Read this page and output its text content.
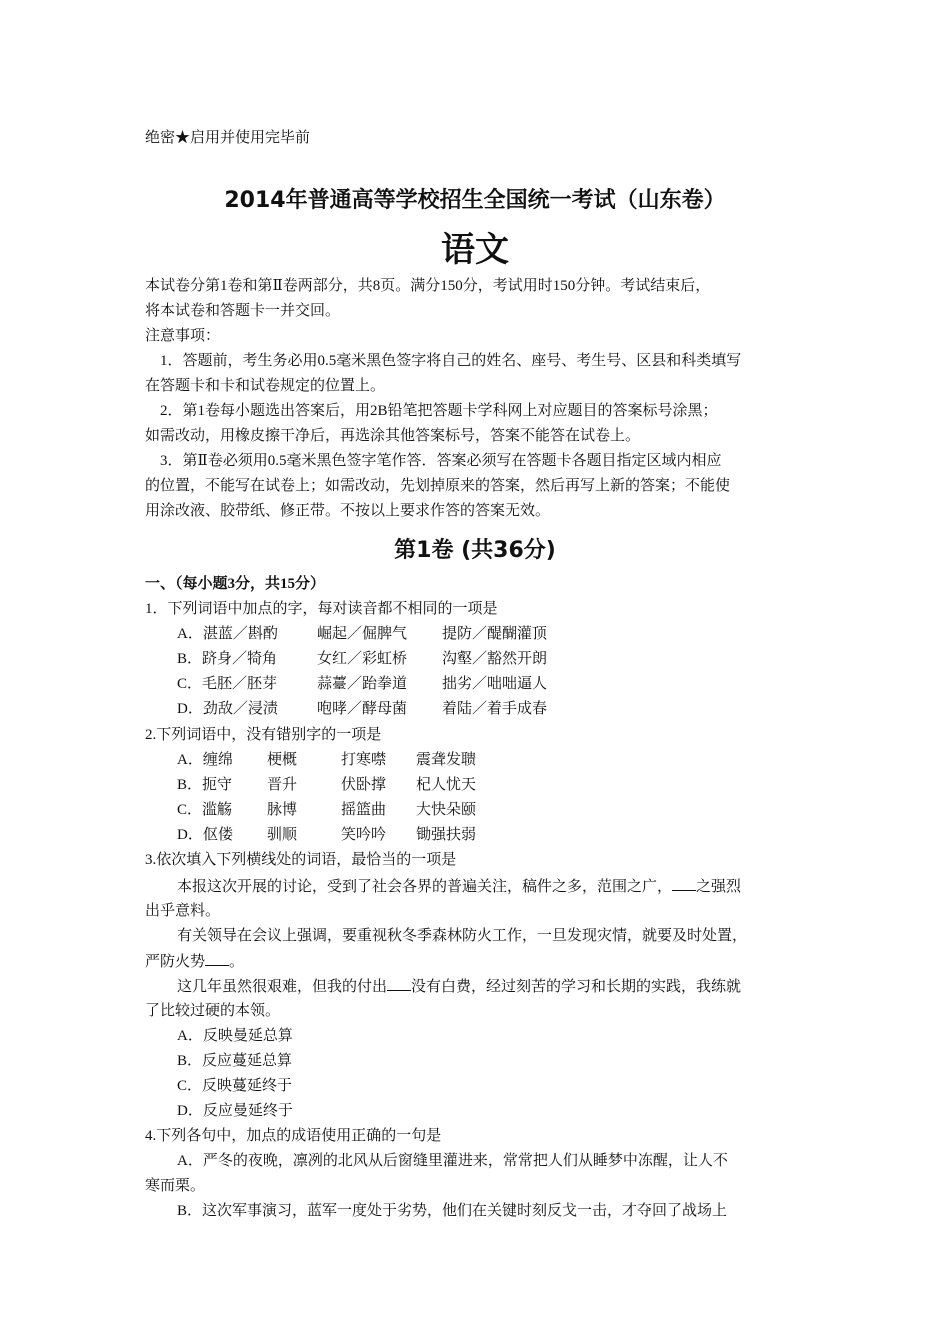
绝密★启用并使用完毕前
2014年普通高等学校招生全国统一考试（山东卷）
语文
本试卷分第1卷和第Ⅱ卷两部分，共8页。满分150分，考试用时150分钟。考试结束后，
将本试卷和答题卡一并交回。
注意事项：
1．答题前，考生务必用0.5毫米黑色签字将自己的姓名、座号、考生号、区县和科类填写
在答题卡和卡和试卷规定的位置上。
2．第1卷每小题选出答案后，用2B铅笔把答题卡学科网上对应题目的答案标号涂黑；
如需改动，用橡皮擦干净后，再选涂其他答案标号，答案不能答在试卷上。
3．第Ⅱ卷必须用0.5毫米黑色签字笔作答．答案必须写在答题卡各题目指定区域内相应
的位置，不能写在试卷上；如需改动，先划掉原来的答案，然后再写上新的答案；不能使
用涂改液、胶带纸、修正带。不按以上要求作答的答案无效。
第1卷 (共36分)
一、（每小题3分，共15分）
1．下列词语中加点的字，每对读音都不相同的一项是
A．湛蓝／斟酌	崛起／倔脾气 提防／醍醐灌顶
B．跻身／犄角	女红／彩虹桥 沟壑／豁然开朗
C．毛胚／胚芽	蒜薹／跆拳道 拙劣／咄咄逼人
D．劲敌／浸渍	咆哮／酵母菌 着陆／着手成春
2.下列词语中，没有错别字的一项是
A．缠绵 梗概	打寒噤 震聋发聩
B．扼守 晋升	伏卧撑 杞人忧天
C．滥觞 脉博	摇篮曲 大快朵颐
D．伛偻 驯顺	笑吟吟 锄强扶弱
3.依次填入下列横线处的词语，最恰当的一项是
本报这次开展的讨论，受到了社会各界的普遍关注，稿件之多，范围之广， 之强烈
出乎意料。
有关领导在会议上强调，要重视秋冬季森林防火工作，一旦发现灾情，就要及时处置，
严防火势 。
这几年虽然很艰难，但我的付出 没有白费，经过刻苦的学习和长期的实践，我练就
了比较过硬的本领。
A．反映曼延总算
B．反应蔓延总算
C．反映蔓延终于
D．反应曼延终于
4.下列各句中，加点的成语使用正确的一句是
A．严冬的夜晚，凛冽的北风从后窗缝里灌进来，常常把人们从睡梦中冻醒，让人不
寒而栗。
B．这次军事演习，蓝军一度处于劣势，他们在关键时刻反戈一击，才夺回了战场上
